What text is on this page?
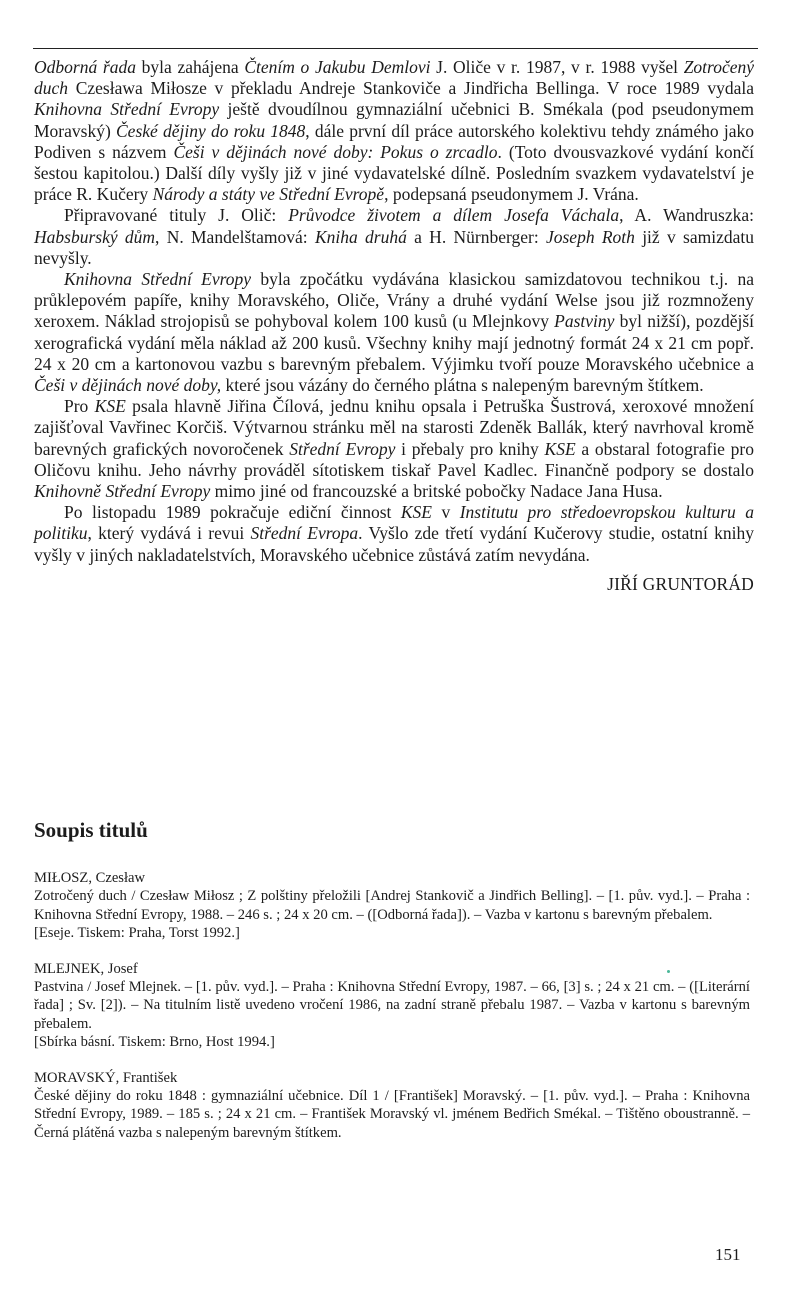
Odborná řada byla zahájena Čtením o Jakubu Demlovi J. Oliče v r. 1987, v r. 1988 vyšel Zotročený duch Czesława Miłosze v překladu Andreje Stankoviče a Jindřicha Bellinga. V roce 1989 vydala Knihovna Střední Evropy ještě dvoudílnou gymnaziální učebnici B. Smékala (pod pseudonymem Moravský) České dějiny do roku 1848, dále první díl práce autorského kolektivu tehdy známého jako Podiven s názvem Češi v dějinách nové doby: Pokus o zrcadlo. (Toto dvousvazkové vydání končí šestou kapitolou.) Další díly vyšly již v jiné vydavatelské dílně. Posledním svazkem vydavatelství je práce R. Kučery Národy a státy ve Střední Evropě, podepsaná pseudonymem J. Vrána.

Připravované tituly J. Olič: Průvodce životem a dílem Josefa Váchala, A. Wandruszka: Habsburský dům, N. Mandelštamová: Kniha druhá a H. Nürnberger: Joseph Roth již v samizdatu nevyšly.

Knihovna Střední Evropy byla zpočátku vydávána klasickou samizdatovou technikou t.j. na průklepovém papíře, knihy Moravského, Oliče, Vrány a druhé vydání Welse jsou již rozmnoženy xeroxem. Náklad strojopisů se pohyboval kolem 100 kusů (u Mlejnkovy Pastviny byl nižší), pozdější xerografická vydání měla náklad až 200 kusů. Všechny knihy mají jednotný formát 24 x 21 cm popř. 24 x 20 cm a kartonovou vazbu s barevným přebalem. Výjimku tvoří pouze Moravského učebnice a Češi v dějinách nové doby, které jsou vázány do černého plátna s nalepeným barevným štítkem.

Pro KSE psala hlavně Jiřina Čílová, jednu knihu opsala i Petruška Šustrová, xeroxové množení zajišťoval Vavřinec Korčiš. Výtvarnou stránku měl na starosti Zdeněk Ballák, který navrhoval kromě barevných grafických novoročenek Střední Evropy i přebaly pro knihy KSE a obstaral fotografie pro Oličovu knihu. Jeho návrhy prováděl sítotiskem tiskař Pavel Kadlec. Finančně podpory se dostalo Knihovně Střední Evropy mimo jiné od francouzské a britské pobočky Nadace Jana Husa.

Po listopadu 1989 pokračuje ediční činnost KSE v Institutu pro středoevropskou kulturu a politiku, který vydává i revui Střední Evropa. Vyšlo zde třetí vydání Kučerovy studie, ostatní knihy vyšly v jiných nakladatelstvích, Moravského učebnice zůstává zatím nevydána.

JIŘÍ GRUNTORÁD
Soupis titulů
MIŁOSZ, Czesław
Zotročený duch / Czesław Miłosz ; Z polštiny přeložili [Andrej Stankovič a Jindřich Belling]. – [1. pův. vyd.]. – Praha : Knihovna Střední Evropy, 1988. – 246 s. ; 24 x 20 cm. – ([Odborná řada]). – Vazba v kartonu s barevným přebalem.
[Eseje. Tiskem: Praha, Torst 1992.]
MLEJNEK, Josef
Pastvina / Josef Mlejnek. – [1. pův. vyd.]. – Praha : Knihovna Střední Evropy, 1987. – 66, [3] s. ; 24 x 21 cm. – ([Literární řada] ; Sv. [2]). – Na titulním listě uvedeno vročení 1986, na zadní straně přebalu 1987. – Vazba v kartonu s barevným přebalem.
[Sbírka básní. Tiskem: Brno, Host 1994.]
MORAVSKÝ, František
České dějiny do roku 1848 : gymnaziální učebnice. Díl 1 / [František] Moravský. – [1. pův. vyd.]. – Praha : Knihovna Střední Evropy, 1989. – 185 s. ; 24 x 21 cm. – František Moravský vl. jménem Bedřich Smékal. – Tištěno oboustranně. – Černá plátěná vazba s nalepeným barevným štítkem.
151
